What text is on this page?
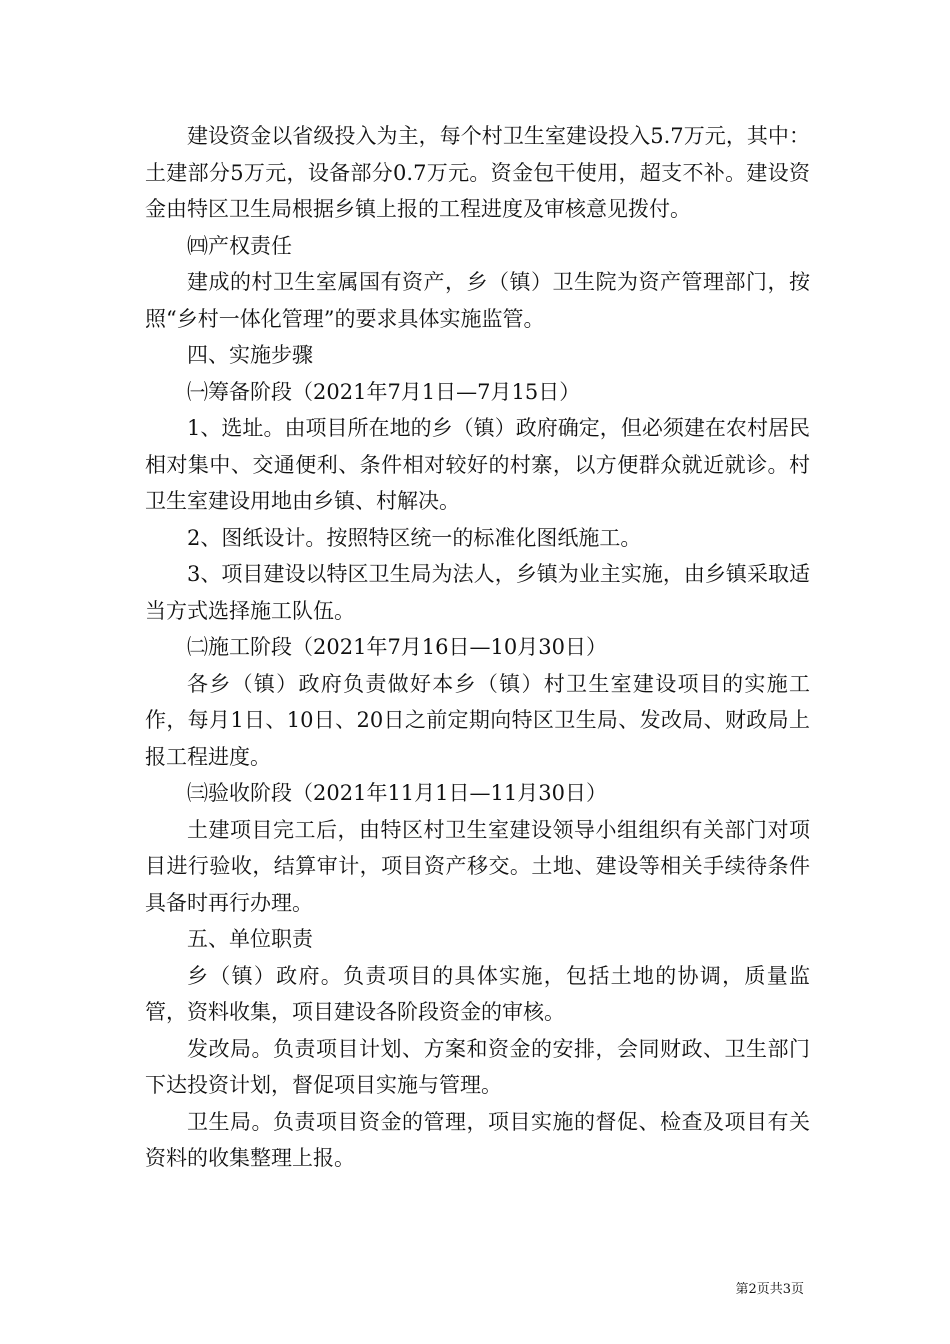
建设资金以省级投入为主，每个村卫生室建设投入5.7万元，其中：土建部分5万元，设备部分0.7万元。资金包干使用，超支不补。建设资金由特区卫生局根据乡镇上报的工程进度及审核意见拨付。

㈣产权责任

建成的村卫生室属国有资产，乡（镇）卫生院为资产管理部门，按照“乡村一体化管理”的要求具体实施监管。

四、实施步骤

㈠筹备阶段（2021年7月1日—7月15日）

1、选址。由项目所在地的乡（镇）政府确定，但必须建在农村居民相对集中、交通便利、条件相对较好的村寨，以方便群众就近就诊。村卫生室建设用地由乡镇、村解决。

2、图纸设计。按照特区统一的标准化图纸施工。

3、项目建设以特区卫生局为法人，乡镇为业主实施，由乡镇采取适当方式选择施工队伍。

㈡施工阶段（2021年7月16日—10月30日）

各乡（镇）政府负责做好本乡（镇）村卫生室建设项目的实施工作，每月1日、10日、20日之前定期向特区卫生局、发改局、财政局上报工程进度。

㈢验收阶段（2021年11月1日—11月30日）

土建项目完工后，由特区村卫生室建设领导小组组织有关部门对项目进行验收，结算审计，项目资产移交。土地、建设等相关手续待条件具备时再行办理。

五、单位职责

乡（镇）政府。负责项目的具体实施，包括土地的协调，质量监管，资料收集，项目建设各阶段资金的审核。

发改局。负责项目计划、方案和资金的安排，会同财政、卫生部门下达投资计划，督促项目实施与管理。

卫生局。负责项目资金的管理，项目实施的督促、检查及项目有关资料的收集整理上报。

第2页共3页
